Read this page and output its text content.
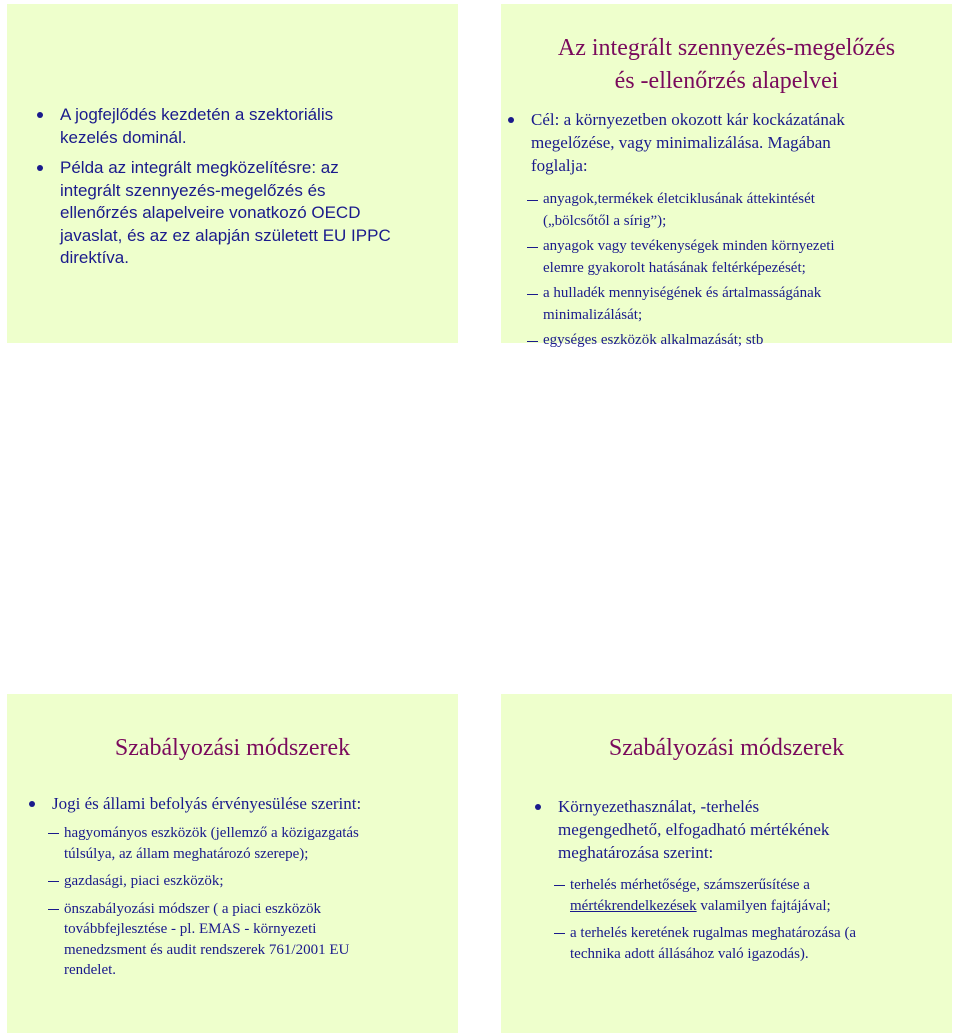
A jogfejlődés kezdetén a szektoriális
kezelés dominál.
Példa az integrált megközelítésre: az
integrált szennyezés-megelőzés és
ellenőrzés alapelveire vonatkozó OECD
javaslat, és az ez alapján született EU IPPC
direktíva.
Az integrált szennyezés-megelőzés
és -ellenőrzés alapelvei
Cél: a környezetben okozott kár kockázatának
megelőzése, vagy minimalizálása. Magában
foglalja:
anyagok,termékek életciklusának áttekintését
(„bölcsőtől a sírig”);
anyagok vagy tevékenységek minden környezeti
elemre gyakorolt hatásának feltérképezését;
a hulladék mennyiségének és ártalmasságának
minimalizálását;
egységes eszközök alkalmazását; stb
Szabályozási módszerek
Jogi és állami befolyás érvényesülése szerint:
hagyományos eszközök (jellemző a közigazgatás
túlsúlya, az állam meghatározó szerepe);
gazdasági, piaci eszközök;
önszabályozási módszer ( a piaci eszközök
továbbfejlesztése - pl. EMAS - környezeti
menedzsment és audit rendszerek 761/2001 EU
rendelet.
Szabályozási módszerek
Környezethasználat, -terhelés
megengedhető, elfogadható mértékének
meghatározása szerint:
terhelés mérhetősége, számszerűsítése a
mértékrendelkezések valamilyen fajtájával;
a terhelés keretének rugalmas meghatározása (a
technika adott állásához való igazodás).
